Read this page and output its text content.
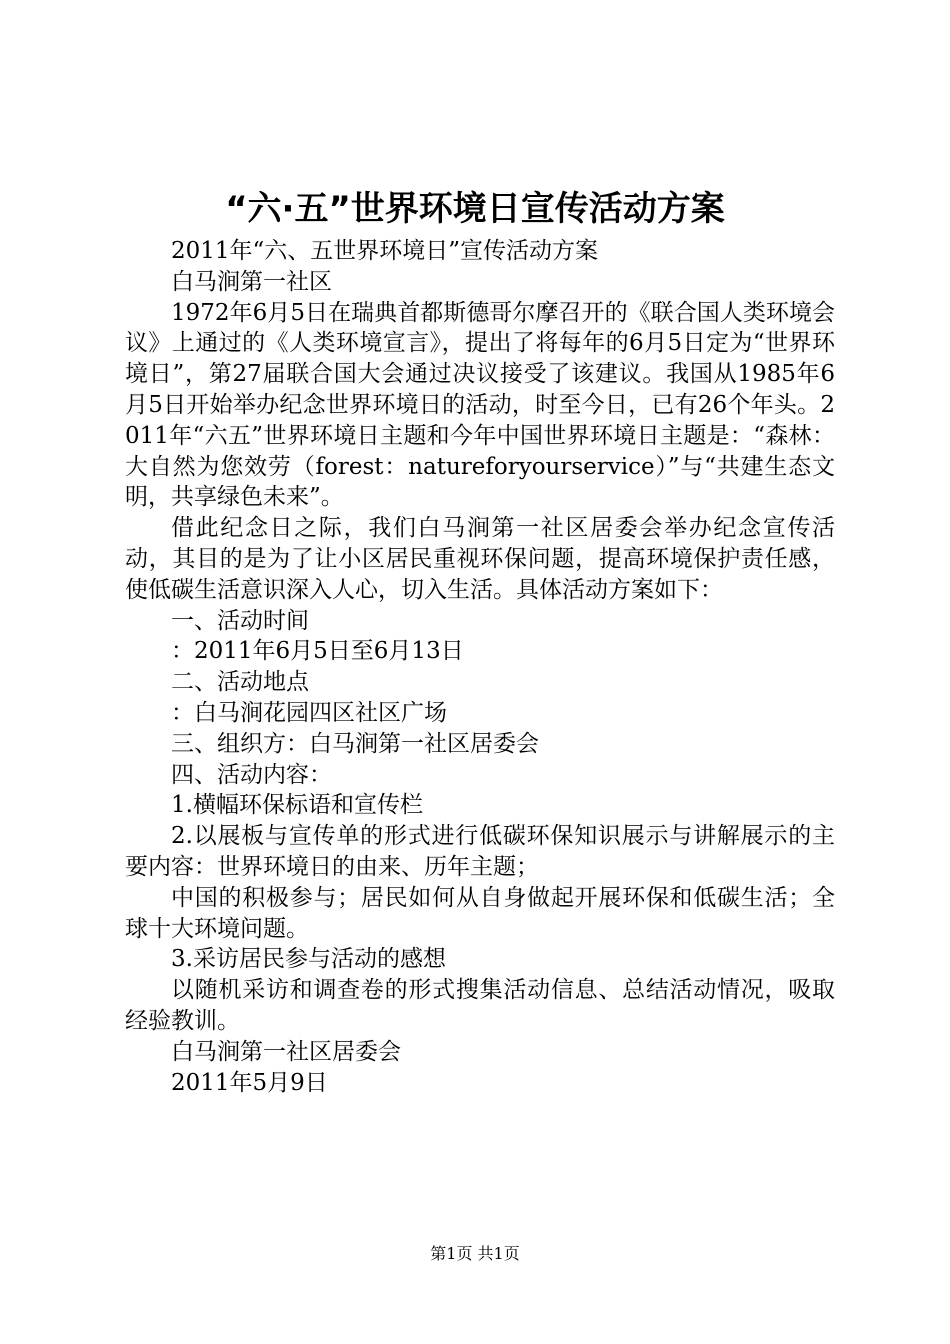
“六·五”世界环境日宣传活动方案

2011年“六、五世界环境日”宣传活动方案

白马涧第一社区

1972年6月5日在瑞典首都斯德哥尔摩召开的《联合国人类环境会议》上通过的《人类环境宣言》，提出了将每年的6月5日定为“世界环境日”，第27届联合国大会通过决议接受了该建议。我国从1985年6月5日开始举办纪念世界环境日的活动，时至今日，已有26个年头。2011年“六五”世界环境日主题和今年中国世界环境日主题是：“森林：大自然为您效劳（forest：natureforyourservice）”与“共建生态文明，共享绿色未来”。

借此纪念日之际，我们白马涧第一社区居委会举办纪念宣传活动，其目的是为了让小区居民重视环保问题，提高环境保护责任感，使低碳生活意识深入人心，切入生活。具体活动方案如下：

一、活动时间

：2011年6月5日至6月13日

二、活动地点

：白马涧花园四区社区广场

三、组织方：白马涧第一社区居委会

四、活动内容：

1.横幅环保标语和宣传栏

2.以展板与宣传单的形式进行低碳环保知识展示与讲解展示的主要内容：世界环境日的由来、历年主题；

中国的积极参与；居民如何从自身做起开展环保和低碳生活；全球十大环境问题。

3.采访居民参与活动的感想

以随机采访和调查卷的形式搜集活动信息、总结活动情况，吸取经验教训。

白马涧第一社区居委会

2011年5月9日

第1页 共1页
